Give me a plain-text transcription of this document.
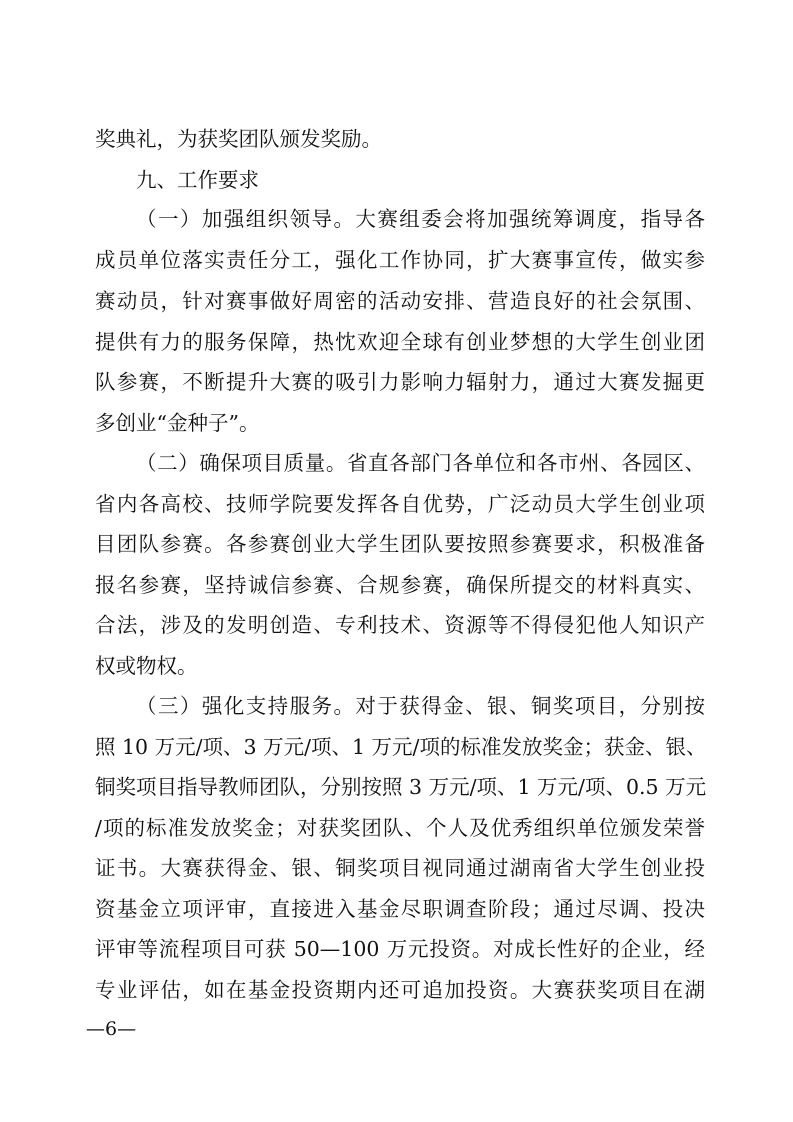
奖典礼，为获奖团队颁发奖励。
九、工作要求
（一）加强组织领导。大赛组委会将加强统筹调度，指导各
成员单位落实责任分工，强化工作协同，扩大赛事宣传，做实参
赛动员，针对赛事做好周密的活动安排、营造良好的社会氛围、
提供有力的服务保障，热忱欢迎全球有创业梦想的大学生创业团
队参赛，不断提升大赛的吸引力影响力辐射力，通过大赛发掘更
多创业“金种子”。
（二）确保项目质量。省直各部门各单位和各市州、各园区、
省内各高校、技师学院要发挥各自优势，广泛动员大学生创业项
目团队参赛。各参赛创业大学生团队要按照参赛要求，积极准备
报名参赛，坚持诚信参赛、合规参赛，确保所提交的材料真实、
合法，涉及的发明创造、专利技术、资源等不得侵犯他人知识产
权或物权。
（三）强化支持服务。对于获得金、银、铜奖项目，分别按
照 10 万元/项、3 万元/项、1 万元/项的标准发放奖金；获金、银、
铜奖项目指导教师团队，分别按照 3 万元/项、1 万元/项、0.5 万元
/项的标准发放奖金；对获奖团队、个人及优秀组织单位颁发荣誉
证书。大赛获得金、银、铜奖项目视同通过湖南省大学生创业投
资基金立项评审，直接进入基金尽职调查阶段；通过尽调、投决
评审等流程项目可获 50—100 万元投资。对成长性好的企业，经
专业评估，如在基金投资期内还可追加投资。大赛获奖项目在湖
—6—
